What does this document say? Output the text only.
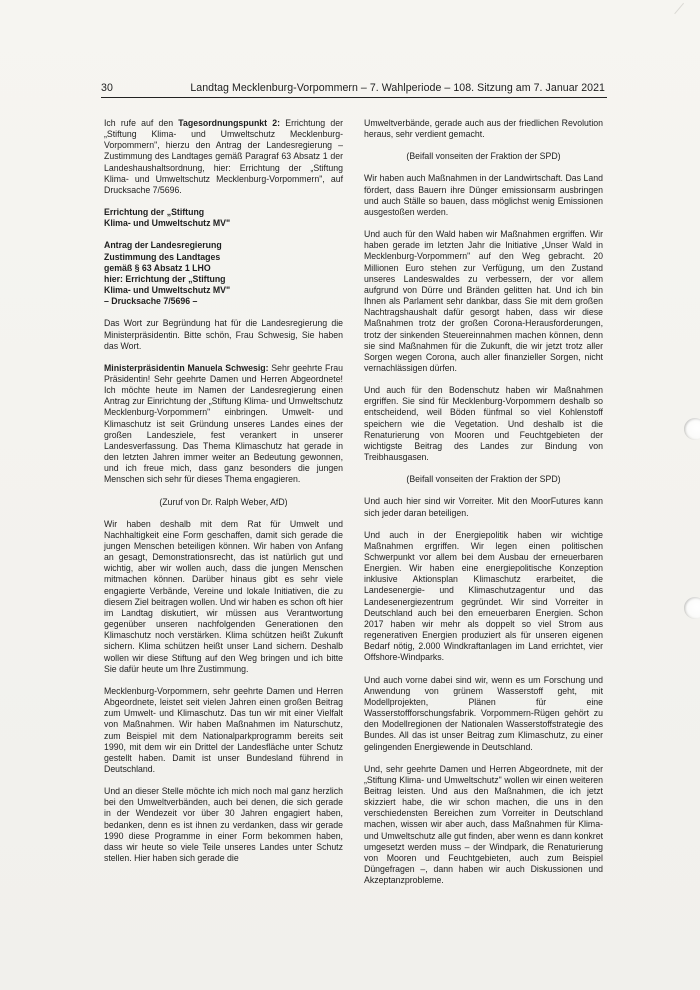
30	Landtag Mecklenburg-Vorpommern – 7. Wahlperiode – 108. Sitzung am 7. Januar 2021

Ich rufe auf den Tagesordnungspunkt 2: Errichtung der „Stiftung Klima- und Umweltschutz Mecklenburg-Vorpommern", hierzu den Antrag der Landesregierung – Zustimmung des Landtages gemäß Paragraf 63 Absatz 1 der Landeshaushaltsordnung, hier: Errichtung der „Stiftung Klima- und Umweltschutz Mecklenburg-Vorpommern", auf Drucksache 7/5696.

Errichtung der „Stiftung
Klima- und Umweltschutz MV"

Antrag der Landesregierung
Zustimmung des Landtages
gemäß § 63 Absatz 1 LHO
hier: Errichtung der „Stiftung
Klima- und Umweltschutz MV"
– Drucksache 7/5696 –

Das Wort zur Begründung hat für die Landesregierung die Ministerpräsidentin. Bitte schön, Frau Schwesig, Sie haben das Wort.

Ministerpräsidentin Manuela Schwesig: Sehr geehrte Frau Präsidentin! Sehr geehrte Damen und Herren Abgeordnete! Ich möchte heute im Namen der Landesregierung einen Antrag zur Einrichtung der „Stiftung Klima- und Umweltschutz Mecklenburg-Vorpommern" einbringen. Umwelt- und Klimaschutz ist seit Gründung unseres Landes eines der großen Landesziele, fest verankert in unserer Landesverfassung. Das Thema Klimaschutz hat gerade in den letzten Jahren immer weiter an Bedeutung gewonnen, und ich freue mich, dass ganz besonders die jungen Menschen sich sehr für dieses Thema engagieren.

(Zuruf von Dr. Ralph Weber, AfD)

Wir haben deshalb mit dem Rat für Umwelt und Nachhaltigkeit eine Form geschaffen, damit sich gerade die jungen Menschen beteiligen können. Wir haben von Anfang an gesagt, Demonstrationsrecht, das ist natürlich gut und wichtig, aber wir wollen auch, dass die jungen Menschen mitmachen können. Darüber hinaus gibt es sehr viele engagierte Verbände, Vereine und lokale Initiativen, die zu diesem Ziel beitragen wollen. Und wir haben es schon oft hier im Landtag diskutiert, wir müssen aus Verantwortung gegenüber unseren nachfolgenden Generationen den Klimaschutz noch verstärken. Klima schützen heißt Zukunft sichern. Klima schützen heißt unser Land sichern. Deshalb wollen wir diese Stiftung auf den Weg bringen und ich bitte Sie dafür heute um Ihre Zustimmung.

Mecklenburg-Vorpommern, sehr geehrte Damen und Herren Abgeordnete, leistet seit vielen Jahren einen großen Beitrag zum Umwelt- und Klimaschutz. Das tun wir mit einer Vielfalt von Maßnahmen. Wir haben Maßnahmen im Naturschutz, zum Beispiel mit dem Nationalparkprogramm bereits seit 1990, mit dem wir ein Drittel der Landesfläche unter Schutz gestellt haben. Damit ist unser Bundesland führend in Deutschland.

Und an dieser Stelle möchte ich mich noch mal ganz herzlich bei den Umweltverbänden, auch bei denen, die sich gerade in der Wendezeit vor über 30 Jahren engagiert haben, bedanken, denn es ist ihnen zu verdanken, dass wir gerade 1990 diese Programme in einer Form bekommen haben, dass wir heute so viele Teile unseres Landes unter Schutz stellen. Hier haben sich gerade die

Umweltverbände, gerade auch aus der friedlichen Revolution heraus, sehr verdient gemacht.

(Beifall vonseiten der Fraktion der SPD)

Wir haben auch Maßnahmen in der Landwirtschaft. Das Land fördert, dass Bauern ihre Dünger emissionsarm ausbringen und auch Ställe so bauen, dass möglichst wenig Emissionen ausgestoßen werden.

Und auch für den Wald haben wir Maßnahmen ergriffen. Wir haben gerade im letzten Jahr die Initiative „Unser Wald in Mecklenburg-Vorpommern" auf den Weg gebracht. 20 Millionen Euro stehen zur Verfügung, um den Zustand unseres Landeswaldes zu verbessern, der vor allem aufgrund von Dürre und Bränden gelitten hat. Und ich bin Ihnen als Parlament sehr dankbar, dass Sie mit dem großen Nachtragshaushalt dafür gesorgt haben, dass wir diese Maßnahmen trotz der großen Corona-Herausforderungen, trotz der sinkenden Steuereinnahmen machen können, denn sie sind Maßnahmen für die Zukunft, die wir jetzt trotz aller Sorgen wegen Corona, auch aller finanzieller Sorgen, nicht vernachlässigen dürfen.

Und auch für den Bodenschutz haben wir Maßnahmen ergriffen. Sie sind für Mecklenburg-Vorpommern deshalb so entscheidend, weil Böden fünfmal so viel Kohlenstoff speichern wie die Vegetation. Und deshalb ist die Renaturierung von Mooren und Feuchtgebieten der wichtigste Beitrag des Landes zur Bindung von Treibhausgasen.

(Beifall vonseiten der Fraktion der SPD)

Und auch hier sind wir Vorreiter. Mit den MoorFutures kann sich jeder daran beteiligen.

Und auch in der Energiepolitik haben wir wichtige Maßnahmen ergriffen. Wir legen einen politischen Schwerpunkt vor allem bei dem Ausbau der erneuerbaren Energien. Wir haben eine energiepolitische Konzeption inklusive Aktionsplan Klimaschutz erarbeitet, die Landesenergie- und Klimaschutzagentur und das Landesenergiezentrum gegründet. Wir sind Vorreiter in Deutschland auch bei den erneuerbaren Energien. Schon 2017 haben wir mehr als doppelt so viel Strom aus regenerativen Energien produziert als für unseren eigenen Bedarf nötig, 2.000 Windkraftanlagen im Land errichtet, vier Offshore-Windparks.

Und auch vorne dabei sind wir, wenn es um Forschung und Anwendung von grünem Wasserstoff geht, mit Modellprojekten, Plänen für eine Wasserstoffforschungsfabrik. Vorpommern-Rügen gehört zu den Modellregionen der Nationalen Wasserstoffstrategie des Bundes. All das ist unser Beitrag zum Klimaschutz, zu einer gelingenden Energiewende in Deutschland.

Und, sehr geehrte Damen und Herren Abgeordnete, mit der „Stiftung Klima- und Umweltschutz" wollen wir einen weiteren Beitrag leisten. Und aus den Maßnahmen, die ich jetzt skizziert habe, die wir schon machen, die uns in den verschiedensten Bereichen zum Vorreiter in Deutschland machen, wissen wir aber auch, dass Maßnahmen für Klima- und Umweltschutz alle gut finden, aber wenn es dann konkret umgesetzt werden muss – der Windpark, die Renaturierung von Mooren und Feuchtgebieten, auch zum Beispiel Düngefragen –, dann haben wir auch Diskussionen und Akzeptanzprobleme.
